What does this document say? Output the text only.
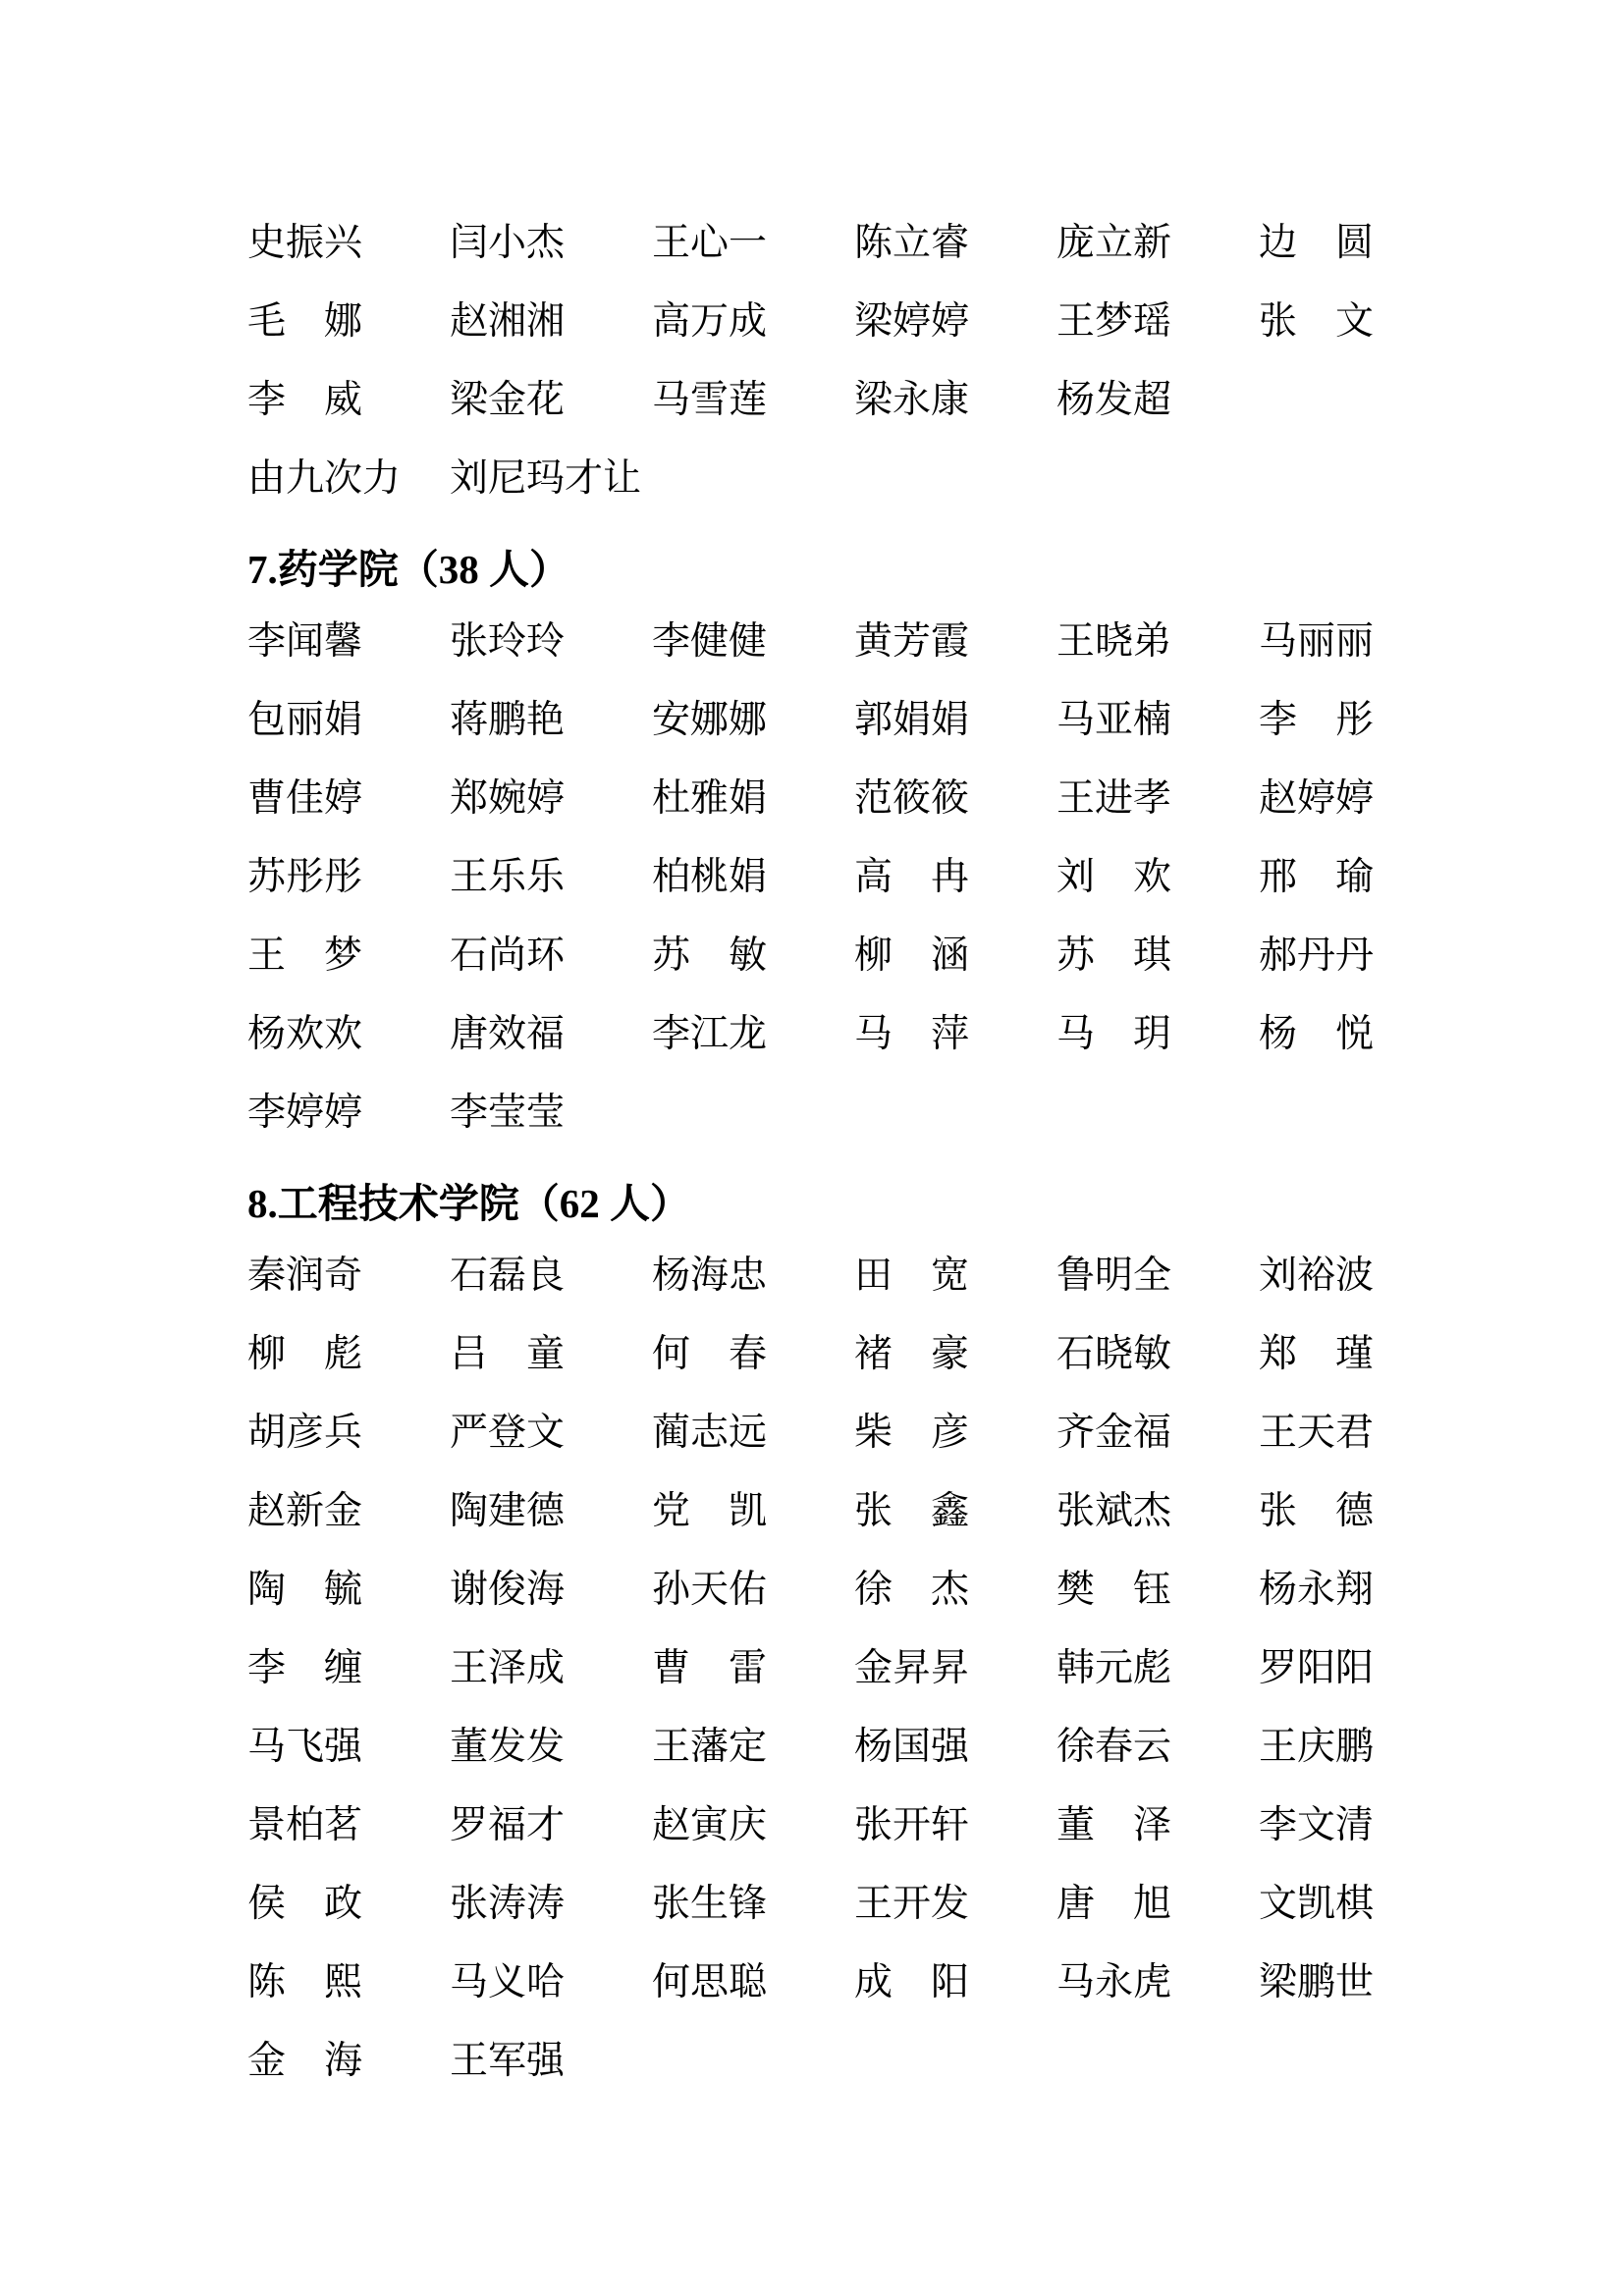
史振兴	闫小杰	王心一	陈立睿	庞立新	边　圆
毛　娜	赵湘湘	高万成	梁婷婷	王梦瑶	张　文
李　威	梁金花	马雪莲	梁永康	杨发超
由九次力	刘尼玛才让
7.药学院（38 人）
李闻馨	张玲玲	李健健	黄芳霞	王晓弟	马丽丽
包丽娟	蒋鹏艳	安娜娜	郭娟娟	马亚楠	李　彤
曹佳婷	郑婉婷	杜雅娟	范筱筱	王进孝	赵婷婷
苏彤彤	王乐乐	柏桃娟	高　冉	刘　欢	邢　瑜
王　梦	石尚环	苏　敏	柳　涵	苏　琪	郝丹丹
杨欢欢	唐效福	李江龙	马　萍	马　玥	杨　悦
李婷婷	李莹莹
8.工程技术学院（62 人）
秦润奇	石磊良	杨海忠	田　宽	鲁明全	刘裕波
柳　彪	吕　童	何　春	褚　豪	石晓敏	郑　瑾
胡彦兵	严登文	蔺志远	柴　彦	齐金福	王天君
赵新金	陶建德	党　凯	张　鑫	张斌杰	张　德
陶　毓	谢俊海	孙天佑	徐　杰	樊　钰	杨永翔
李　缠	王泽成	曹　雷	金昇昇	韩元彪	罗阳阳
马飞强	董发发	王藩定	杨国强	徐春云	王庆鹏
景柏茗	罗福才	赵寅庆	张开轩	董　泽	李文清
侯　政	张涛涛	张生锋	王开发	唐　旭	文凯棋
陈　熙	马义哈	何思聪	成　阳	马永虎	梁鹏世
金　海	王军强
